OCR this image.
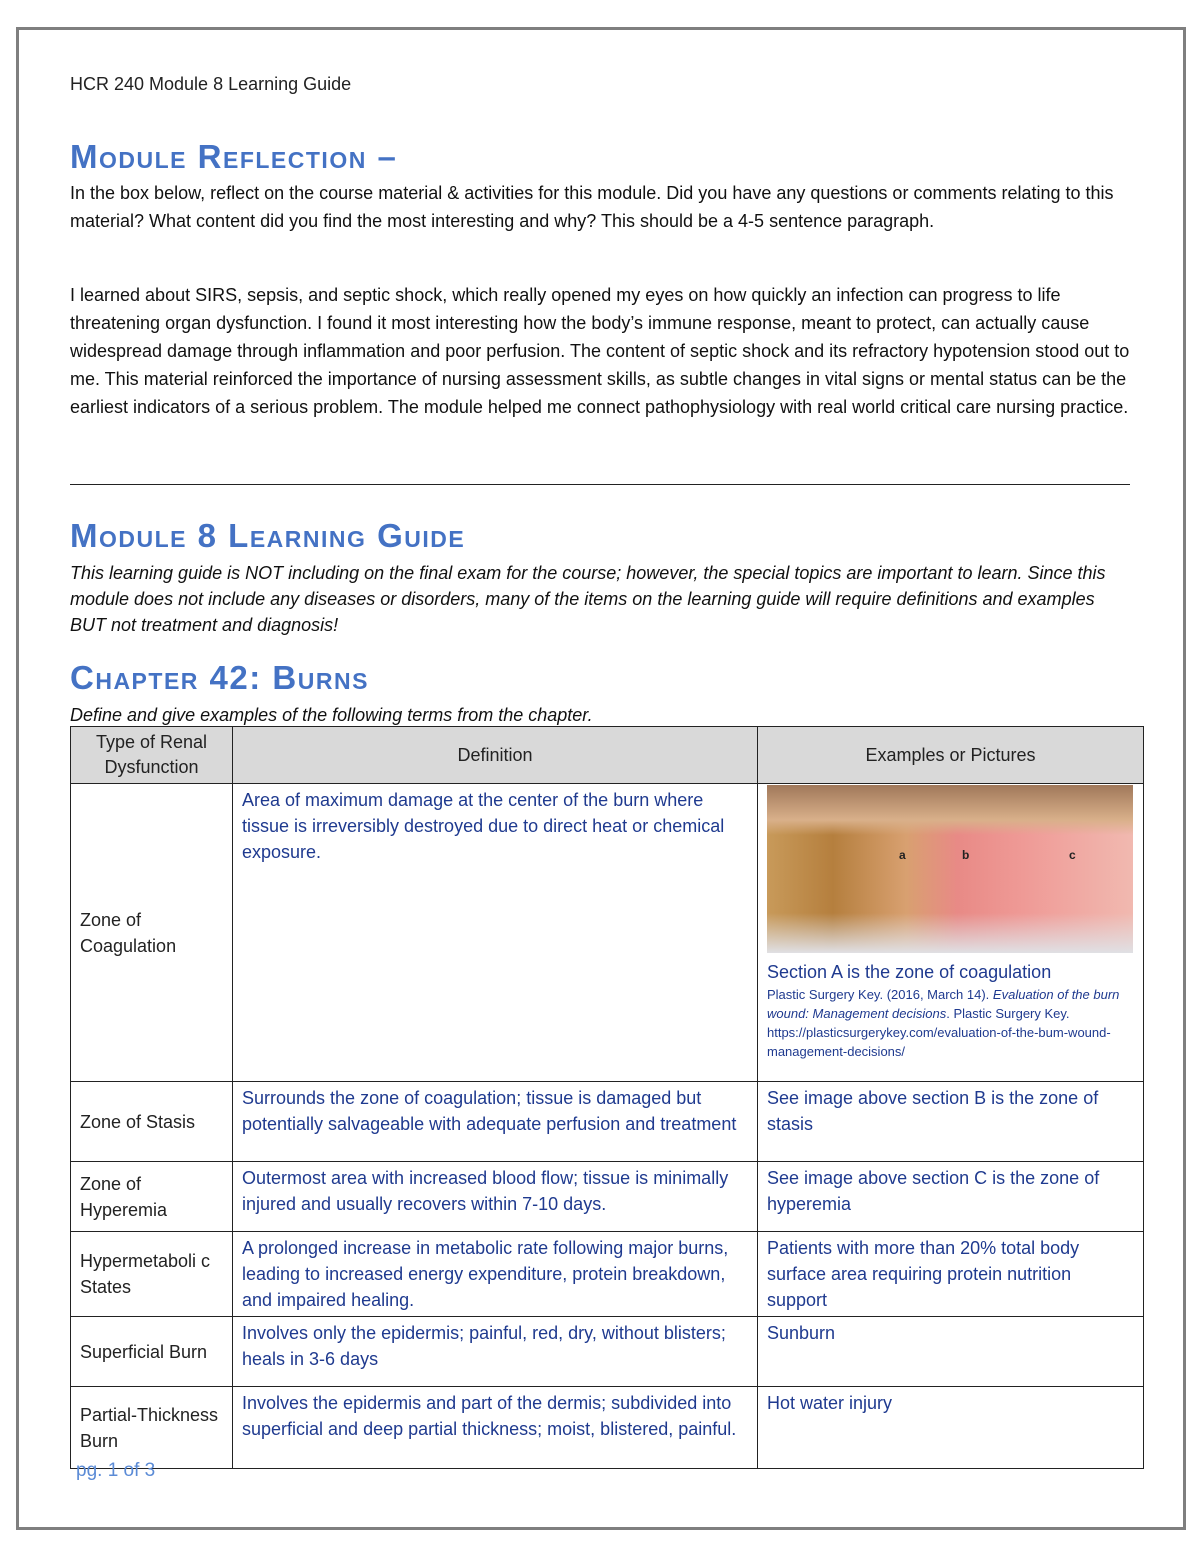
HCR 240 Module 8 Learning Guide
Module Reflection –
In the box below, reflect on the course material & activities for this module. Did you have any questions or comments relating to this material? What content did you find the most interesting and why? This should be a 4-5 sentence paragraph.
I learned about SIRS, sepsis, and septic shock, which really opened my eyes on how quickly an infection can progress to life threatening organ dysfunction. I found it most interesting how the body’s immune response, meant to protect, can actually cause widespread damage through inflammation and poor perfusion. The content of septic shock and its refractory hypotension stood out to me. This material reinforced the importance of nursing assessment skills, as subtle changes in vital signs or mental status can be the earliest indicators of a serious problem. The module helped me connect pathophysiology with real world critical care nursing practice.
Module 8 Learning Guide
This learning guide is NOT including on the final exam for the course; however, the special topics are important to learn. Since this module does not include any diseases or disorders, many of the items on the learning guide will require definitions and examples BUT not treatment and diagnosis!
Chapter 42: Burns
Define and give examples of the following terms from the chapter.
Type of Renal Dysfunction	Definition	Examples or Pictures
Zone of Coagulation	Area of maximum damage at the center of the burn where tissue is irreversibly destroyed due to direct heat or chemical exposure.	a b c
Section A is the zone of coagulation
Plastic Surgery Key. (2016, March 14). Evaluation of the burn wound: Management decisions. Plastic Surgery Key. https://plasticsurgerykey.com/evaluation-of-the-bum-wound-management-decisions/

Zone of Stasis	Surrounds the zone of coagulation; tissue is damaged but potentially salvageable with adequate perfusion and treatment	See image above section B is the zone of stasis
Zone of Hyperemia	Outermost area with increased blood flow; tissue is minimally injured and usually recovers within 7-10 days.	See image above section C is the zone of hyperemia
Hypermetaboli c States	A prolonged increase in metabolic rate following major burns, leading to increased energy expenditure, protein breakdown, and impaired healing.	Patients with more than 20% total body surface area requiring protein nutrition support
Superficial Burn	Involves only the epidermis; painful, red, dry, without blisters; heals in 3-6 days	Sunburn
Partial-Thickness Burn	Involves the epidermis and part of the dermis; subdivided into superficial and deep partial thickness; moist, blistered, painful.	Hot water injury
pg. 1 of 3
